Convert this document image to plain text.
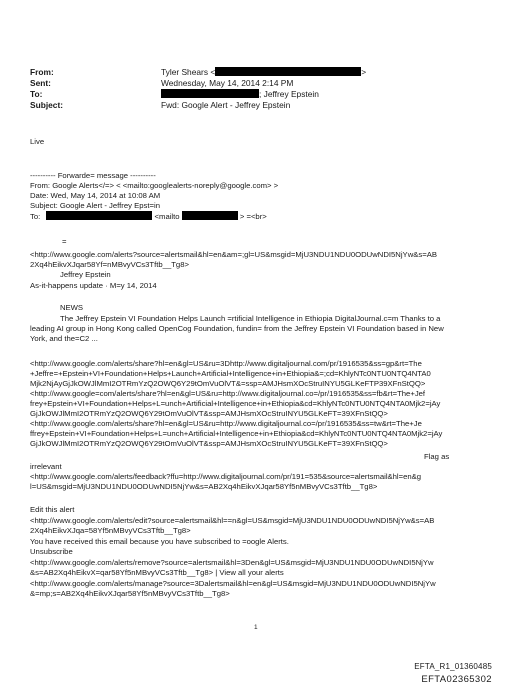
From:	Tyler Shears <	>
Sent:	Wednesday, May 14, 2014 2:14 PM
To:	; Jeffrey Epstein
Subject:	Fwd: Google Alert - Jeffrey Epstein
Live
---------- Forwarde= message ----------
From: Google Alerts</=> < <mailto:googlealerts-noreply@google.com> >
Date: Wed, May 14, 2014 at 10:08 AM
Subject: Google Alert - Jeffrey Epst=in
To:	<mailto	> =<br>
=
<http://www.google.com/alerts?source=alertsmail&hl=en&am=;gl=US&msgid=MjU3NDU1NDU0ODUwNDI5NjYw&s=AB
2Xq4hEikvXJqar58Yf=nMBvyVCs3Tftb__Tg8>
Jeffrey Epstein
As-it-happens update · M=y 14, 2014
NEWS
The Jeffrey Epstein VI Foundation Helps Launch =rtificial Intelligence in Ethiopia DigitalJournal.c=m Thanks to a
leading AI group in Hong Kong called OpenCog Foundation, fundin= from the Jeffrey Epstein VI Foundation based in New
York, and the=C2 ...
<http://www.google.com/alerts/share?hl=en&gl=US&ru=3Dhttp://www.digitaljournal.com/pr/1916535&ss=gp&rt=The
+Jeffre=+Epstein+VI+Foundation+Helps+Launch+Artificial+Intelligence+in+Ethiopia&=;cd=KhlyNTc0NTU0NTQ4NTA0
Mjk2NjAyGjJkOWJlMmI2OTRmYzQ2OWQ6Y29tOmVuOlVT&=ssp=AMJHsmXOcStruINYU5GLKeFTP39XFnStQQ>
<http://www.google=com/alerts/share?hl=en&gl=US&ru=http://www.digitaljournal.co=/pr/1916535&ss=fb&rt=The+Jef
frey+Epstein+VI+Foundation+Helps+L=unch+Artificial+Intelligence+in+Ethiopia&cd=KhlyNTc0NTU0NTQ4NTA0Mjk2=jAy
GjJkOWJlMmI2OTRmYzQ2OWQ6Y29tOmVuOlVT&ssp=AMJHsmXOcStruINYU5GLKeFT=39XFnStQQ>
<http://www.google.com/alerts/share?hl=en&gl=US&ru=http://www.digitaljournal.co=/pr/1916535&ss=tw&rt=The+Je
ffrey+Epstein+VI+Foundation+Helps+L=unch+Artificial+Intelligence+in+Ethiopia&cd=KhlyNTc0NTU0NTQ4NTA0Mjk2=jAy
GjJkOWJlMmI2OTRmYzQ2OWQ6Y29tOmVuOlVT&ssp=AMJHsmXOcStruINYU5GLKeFT=39XFnStQQ>
Flag as
irrelevant
<http://www.google.com/alerts/feedback?ffu=http://www.digitaljournal.com/pr/191=535&source=alertsmail&hl=en&g
l=US&msgid=MjU3NDU1NDU0ODUwNDI5NjYw&s=AB2Xq4hEikvXJqar58Yf5nMBvyVCs3Tftb__Tg8>
Edit this alert
<http://www.google.com/alerts/edit?source=alertsmail&hl==n&gl=US&msgid=MjU3NDU1NDU0ODUwNDI5NjYw&s=AB
2Xq4hEikvXJqa=58Yf5nMBvyVCs3Tftb__Tg8>
You have received this email because you have subscribed to =oogle Alerts.
Unsubscribe
<http://www.google.com/alerts/remove?source=alertsmail&hl=3Den&gl=US&msgid=MjU3NDU1NDU0ODUwNDI5NjYw
&s=AB2Xq4hEikvX=qar58Yf5nMBvyVCs3Tftb__Tg8> | View all your alerts
<http://www.google.com/alerts/manage?source=3Dalertsmail&hl=en&gl=US&msgid=MjU3NDU1NDU0ODUwNDI5NjYw
&=mp;s=AB2Xq4hEikvXJqar58Yf5nMBvyVCs3Tftb__Tg8>
1
EFTA_R1_01360485
EFTA02365302
